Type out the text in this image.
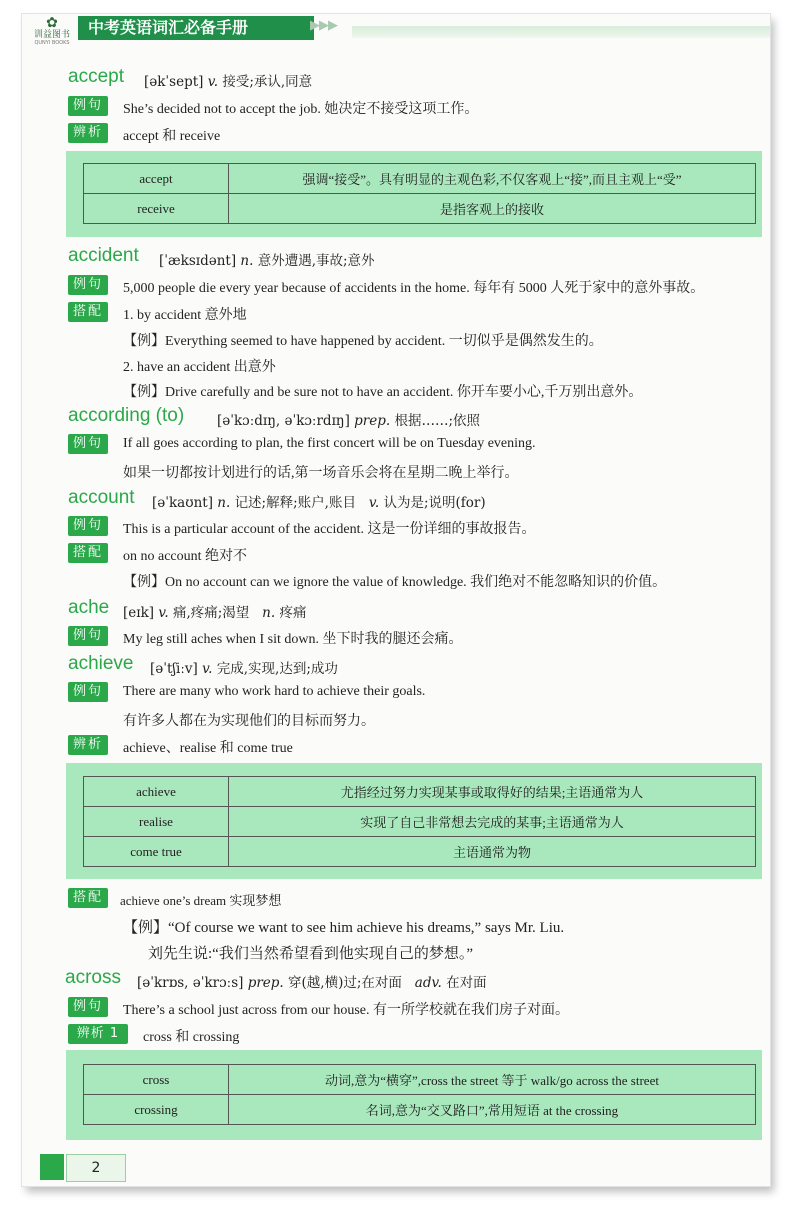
✿
训益图书
QUNYI BOOKS
中考英语词汇必备手册	▶▶▶
accept [əkˈsept] v. 接受;承认,同意
例句	She’s decided not to accept the job. 她决定不接受这项工作。
辨析	accept 和 receive
accept	强调“接受”。具有明显的主观色彩,不仅客观上“接”,而且主观上“受”
receive	是指客观上的接收
accident [ˈæksɪdənt] n. 意外遭遇,事故;意外
例句	5,000 people die every year because of accidents in the home. 每年有 5000 人死于家中的意外事故。
搭配	1. by accident 意外地
【例】Everything seemed to have happened by accident. 一切似乎是偶然发生的。
2. have an accident 出意外
【例】Drive carefully and be sure not to have an accident. 你开车要小心,千万别出意外。
according (to) [əˈkɔːdɪŋ, əˈkɔːrdɪŋ] prep. 根据……;依照
例句	If all goes according to plan, the first concert will be on Tuesday evening.
如果一切都按计划进行的话,第一场音乐会将在星期二晚上举行。
account [əˈkaʊnt] n. 记述;解释;账户,账目 v. 认为是;说明(for)
例句	This is a particular account of the accident. 这是一份详细的事故报告。
搭配	on no account 绝对不
【例】On no account can we ignore the value of knowledge. 我们绝对不能忽略知识的价值。
ache [eɪk] v. 痛,疼痛;渴望 n. 疼痛
例句	My leg still aches when I sit down. 坐下时我的腿还会痛。
achieve [əˈtʃiːv] v. 完成,实现,达到;成功
例句	There are many who work hard to achieve their goals.
有许多人都在为实现他们的目标而努力。
辨析	achieve、realise 和 come true
achieve	尤指经过努力实现某事或取得好的结果;主语通常为人
realise	实现了自己非常想去完成的某事;主语通常为人
come true	主语通常为物
搭配	achieve one’s dream 实现梦想
【例】“Of course we want to see him achieve his dreams,” says Mr. Liu.
刘先生说:“我们当然希望看到他实现自己的梦想。”
across [əˈkrɒs, əˈkrɔːs] prep. 穿(越,横)过;在对面 adv. 在对面
例句	There’s a school just across from our house. 有一所学校就在我们房子对面。
辨析 1	cross 和 crossing
cross	动词,意为“横穿”,cross the street 等于 walk/go across the street
crossing	名词,意为“交叉路口”,常用短语 at the crossing
2
